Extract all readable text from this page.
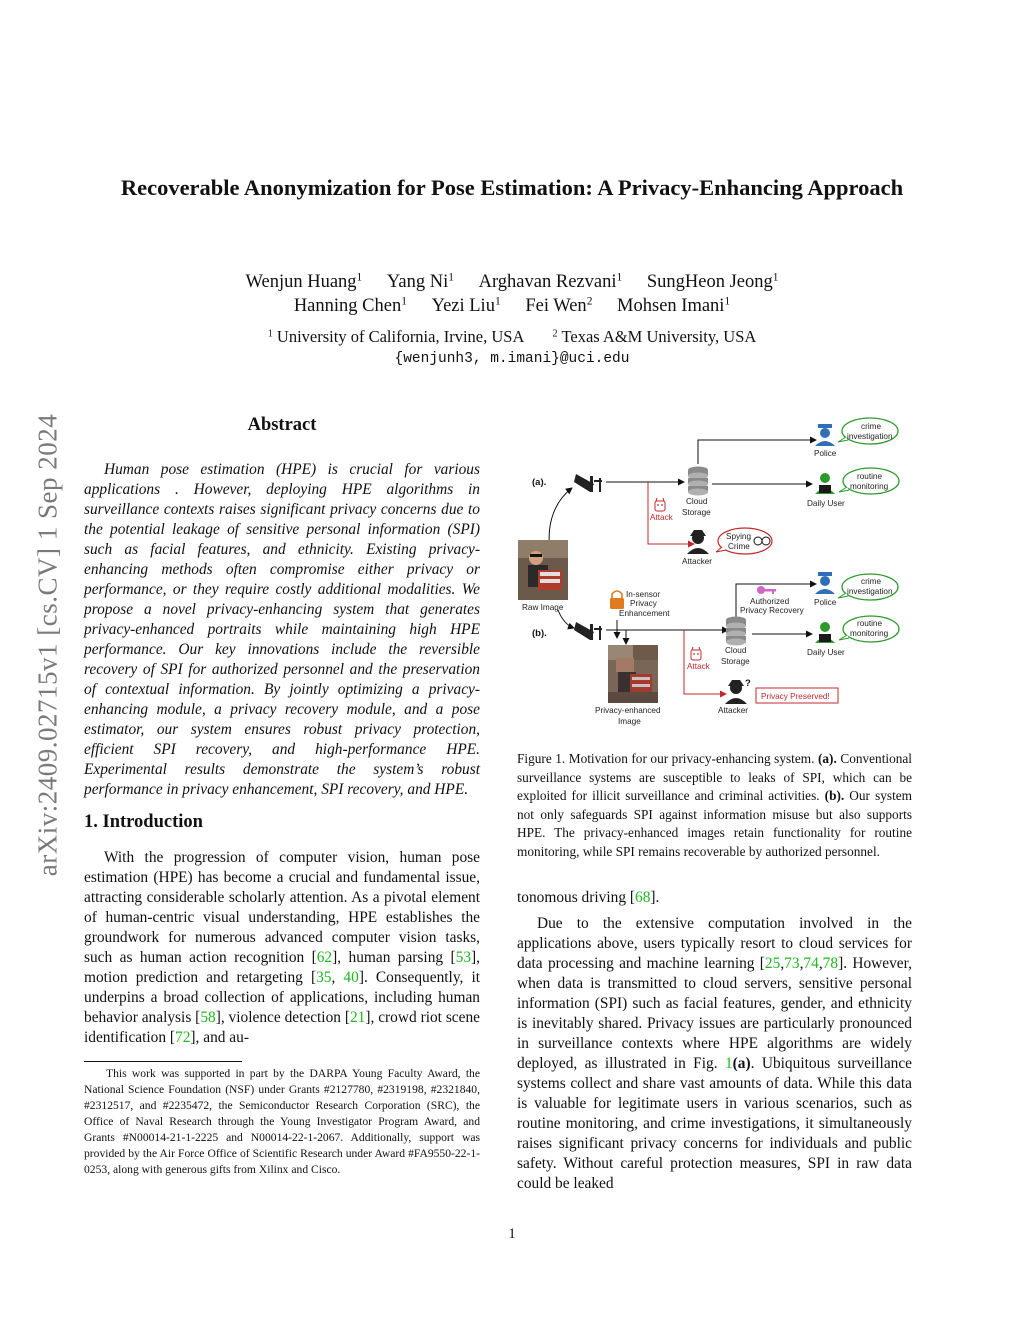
arXiv:2409.02715v1 [cs.CV] 1 Sep 2024
Recoverable Anonymization for Pose Estimation: A Privacy-Enhancing Approach
Wenjun Huang$^1$ Yang Ni$^1$ Arghavan Rezvani$^1$ SungHeon Jeong$^1$
Hanning Chen$^1$ Yezi Liu$^1$ Fei Wen$^2$ Mohsen Imani$^1$
$^1$ University of California, Irvine, USA	$^2$ Texas A&M University, USA
{wenjunh3, m.imani}@uci.edu
Abstract

Human pose estimation (HPE) is crucial for various applications . However, deploying HPE algorithms in surveillance contexts raises significant privacy concerns due to the potential leakage of sensitive personal information (SPI) such as facial features, and ethnicity. Existing privacy-enhancing methods often compromise either privacy or performance, or they require costly additional modalities. We propose a novel privacy-enhancing system that generates privacy-enhanced portraits while maintaining high HPE performance. Our key innovations include the reversible recovery of SPI for authorized personnel and the preservation of contextual information. By jointly optimizing a privacy-enhancing module, a privacy recovery module, and a pose estimator, our system ensures robust privacy protection, efficient SPI recovery, and high-performance HPE. Experimental results demonstrate the system’s robust performance in privacy enhancement, SPI recovery, and HPE.

1. Introduction

With the progression of computer vision, human pose estimation (HPE) has become a crucial and fundamental issue, attracting considerable scholarly attention. As a pivotal element of human-centric visual understanding, HPE establishes the groundwork for numerous advanced computer vision tasks, such as human action recognition [62], human parsing [53], motion prediction and retargeting [35, 40]. Consequently, it underpins a broad collection of applications, including human behavior analysis [58], violence detection [21], crowd riot scene identification [72], and au-

This work was supported in part by the DARPA Young Faculty Award, the National Science Foundation (NSF) under Grants #2127780, #2319198, #2321840, #2312517, and #2235472, the Semiconductor Research Corporation (SRC), the Office of Naval Research through the Young Investigator Program Award, and Grants #N00014-21-1-2225 and N00014-22-1-2067. Additionally, support was provided by the Air Force Office of Scientific Research under Award #FA9550-22-1-0253, along with generous gifts from Xilinx and Cisco.

(a).
Cloud
Storage
Attack
Attacker
Spying
Crime
Police
crime
investigation
Daily User
routine
monitoring
Raw Image
(b).
In-sensor
Privacy
Enhancement
Authorized
Privacy Recovery
Cloud
Storage
Attack
?
Attacker
Privacy Preserved!
Police
crime
investigation
Daily User
routine
monitoring
Privacy-enhanced
Image

Figure 1. Motivation for our privacy-enhancing system. (a). Conventional surveillance systems are susceptible to leaks of SPI, which can be exploited for illicit surveillance and criminal activities. (b). Our system not only safeguards SPI against information misuse but also supports HPE. The privacy-enhanced images retain functionality for routine monitoring, while SPI remains recoverable by authorized personnel.

tonomous driving [68].

Due to the extensive computation involved in the applications above, users typically resort to cloud services for data processing and machine learning [25,73,74,78]. However, when data is transmitted to cloud servers, sensitive personal information (SPI) such as facial features, gender, and ethnicity is inevitably shared. Privacy issues are particularly pronounced in surveillance contexts where HPE algorithms are widely deployed, as illustrated in Fig. 1(a). Ubiquitous surveillance systems collect and share vast amounts of data. While this data is valuable for legitimate users in various scenarios, such as routine monitoring, and crime investigations, it simultaneously raises significant privacy concerns for individuals and public safety. Without careful protection measures, SPI in raw data could be leaked

1
